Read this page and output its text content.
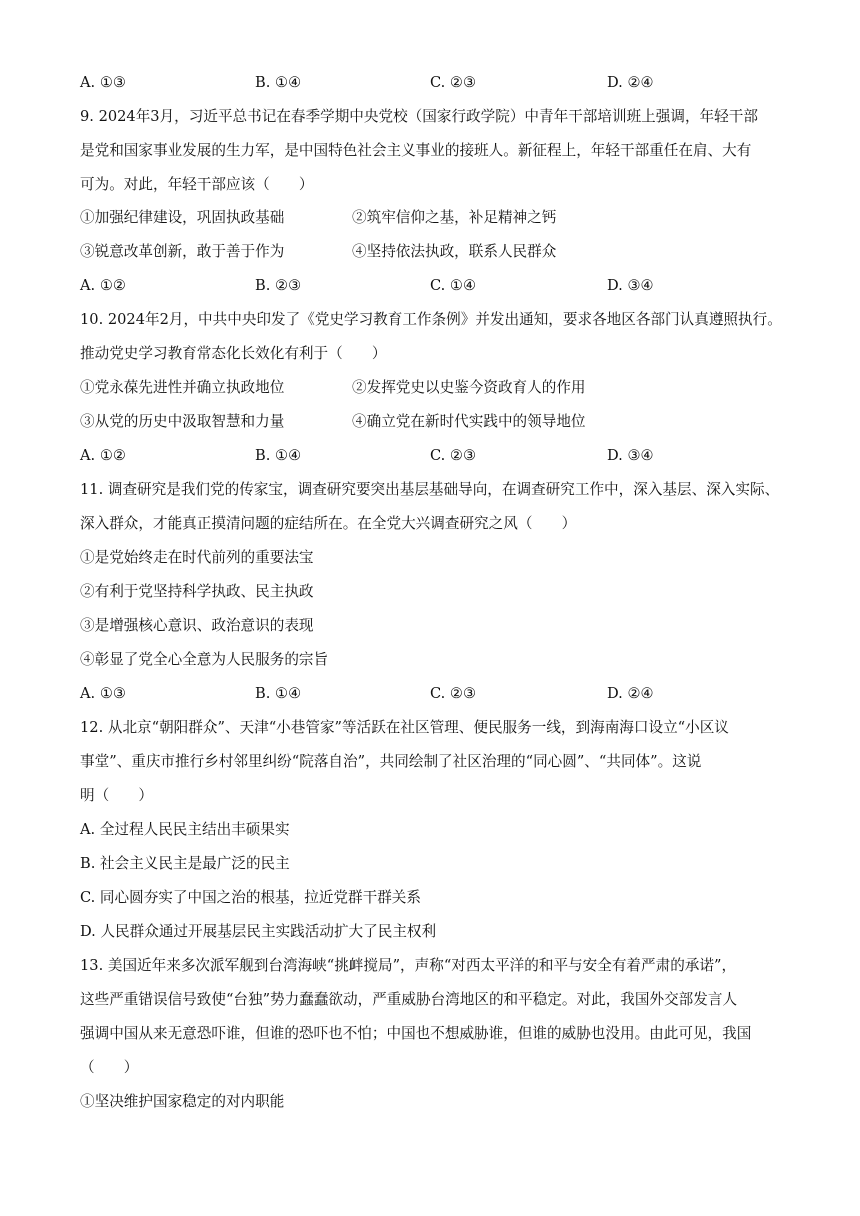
A. ①③	B. ①④	C. ②③	D. ②④
9. 2024年3月，习近平总书记在春季学期中央党校（国家行政学院）中青年干部培训班上强调，年轻干部
是党和国家事业发展的生力军，是中国特色社会主义事业的接班人。新征程上，年轻干部重任在肩、大有
可为。对此，年轻干部应该（　　）
①加强纪律建设，巩固执政基础	②筑牢信仰之基，补足精神之钙
③锐意改革创新，敢于善于作为	④坚持依法执政，联系人民群众
A. ①②	B. ②③	C. ①④	D. ③④
10. 2024年2月，中共中央印发了《党史学习教育工作条例》并发出通知，要求各地区各部门认真遵照执行。
推动党史学习教育常态化长效化有利于（　　）
①党永葆先进性并确立执政地位	②发挥党史以史鉴今资政育人的作用
③从党的历史中汲取智慧和力量	④确立党在新时代实践中的领导地位
A. ①②	B. ①④	C. ②③	D. ③④
11. 调查研究是我们党的传家宝，调查研究要突出基层基础导向，在调查研究工作中，深入基层、深入实际、
深入群众，才能真正摸清问题的症结所在。在全党大兴调查研究之风（　　）
①是党始终走在时代前列的重要法宝
②有利于党坚持科学执政、民主执政
③是增强核心意识、政治意识的表现
④彰显了党全心全意为人民服务的宗旨
A. ①③	B. ①④	C. ②③	D. ②④
12. 从北京“朝阳群众”、天津“小巷管家”等活跃在社区管理、便民服务一线，到海南海口设立“小区议
事堂”、重庆市推行乡村邻里纠纷“院落自治”，共同绘制了社区治理的“同心圆”、“共同体”。这说
明（　　）
A. 全过程人民民主结出丰硕果实
B. 社会主义民主是最广泛的民主
C. 同心圆夯实了中国之治的根基，拉近党群干群关系
D. 人民群众通过开展基层民主实践活动扩大了民主权利
13. 美国近年来多次派军舰到台湾海峡“挑衅搅局”，声称“对西太平洋的和平与安全有着严肃的承诺”，
这些严重错误信号致使“台独”势力蠢蠢欲动，严重威胁台湾地区的和平稳定。对此，我国外交部发言人
强调中国从来无意恐吓谁，但谁的恐吓也不怕；中国也不想威胁谁，但谁的威胁也没用。由此可见，我国
（　　）
①坚决维护国家稳定的对内职能
